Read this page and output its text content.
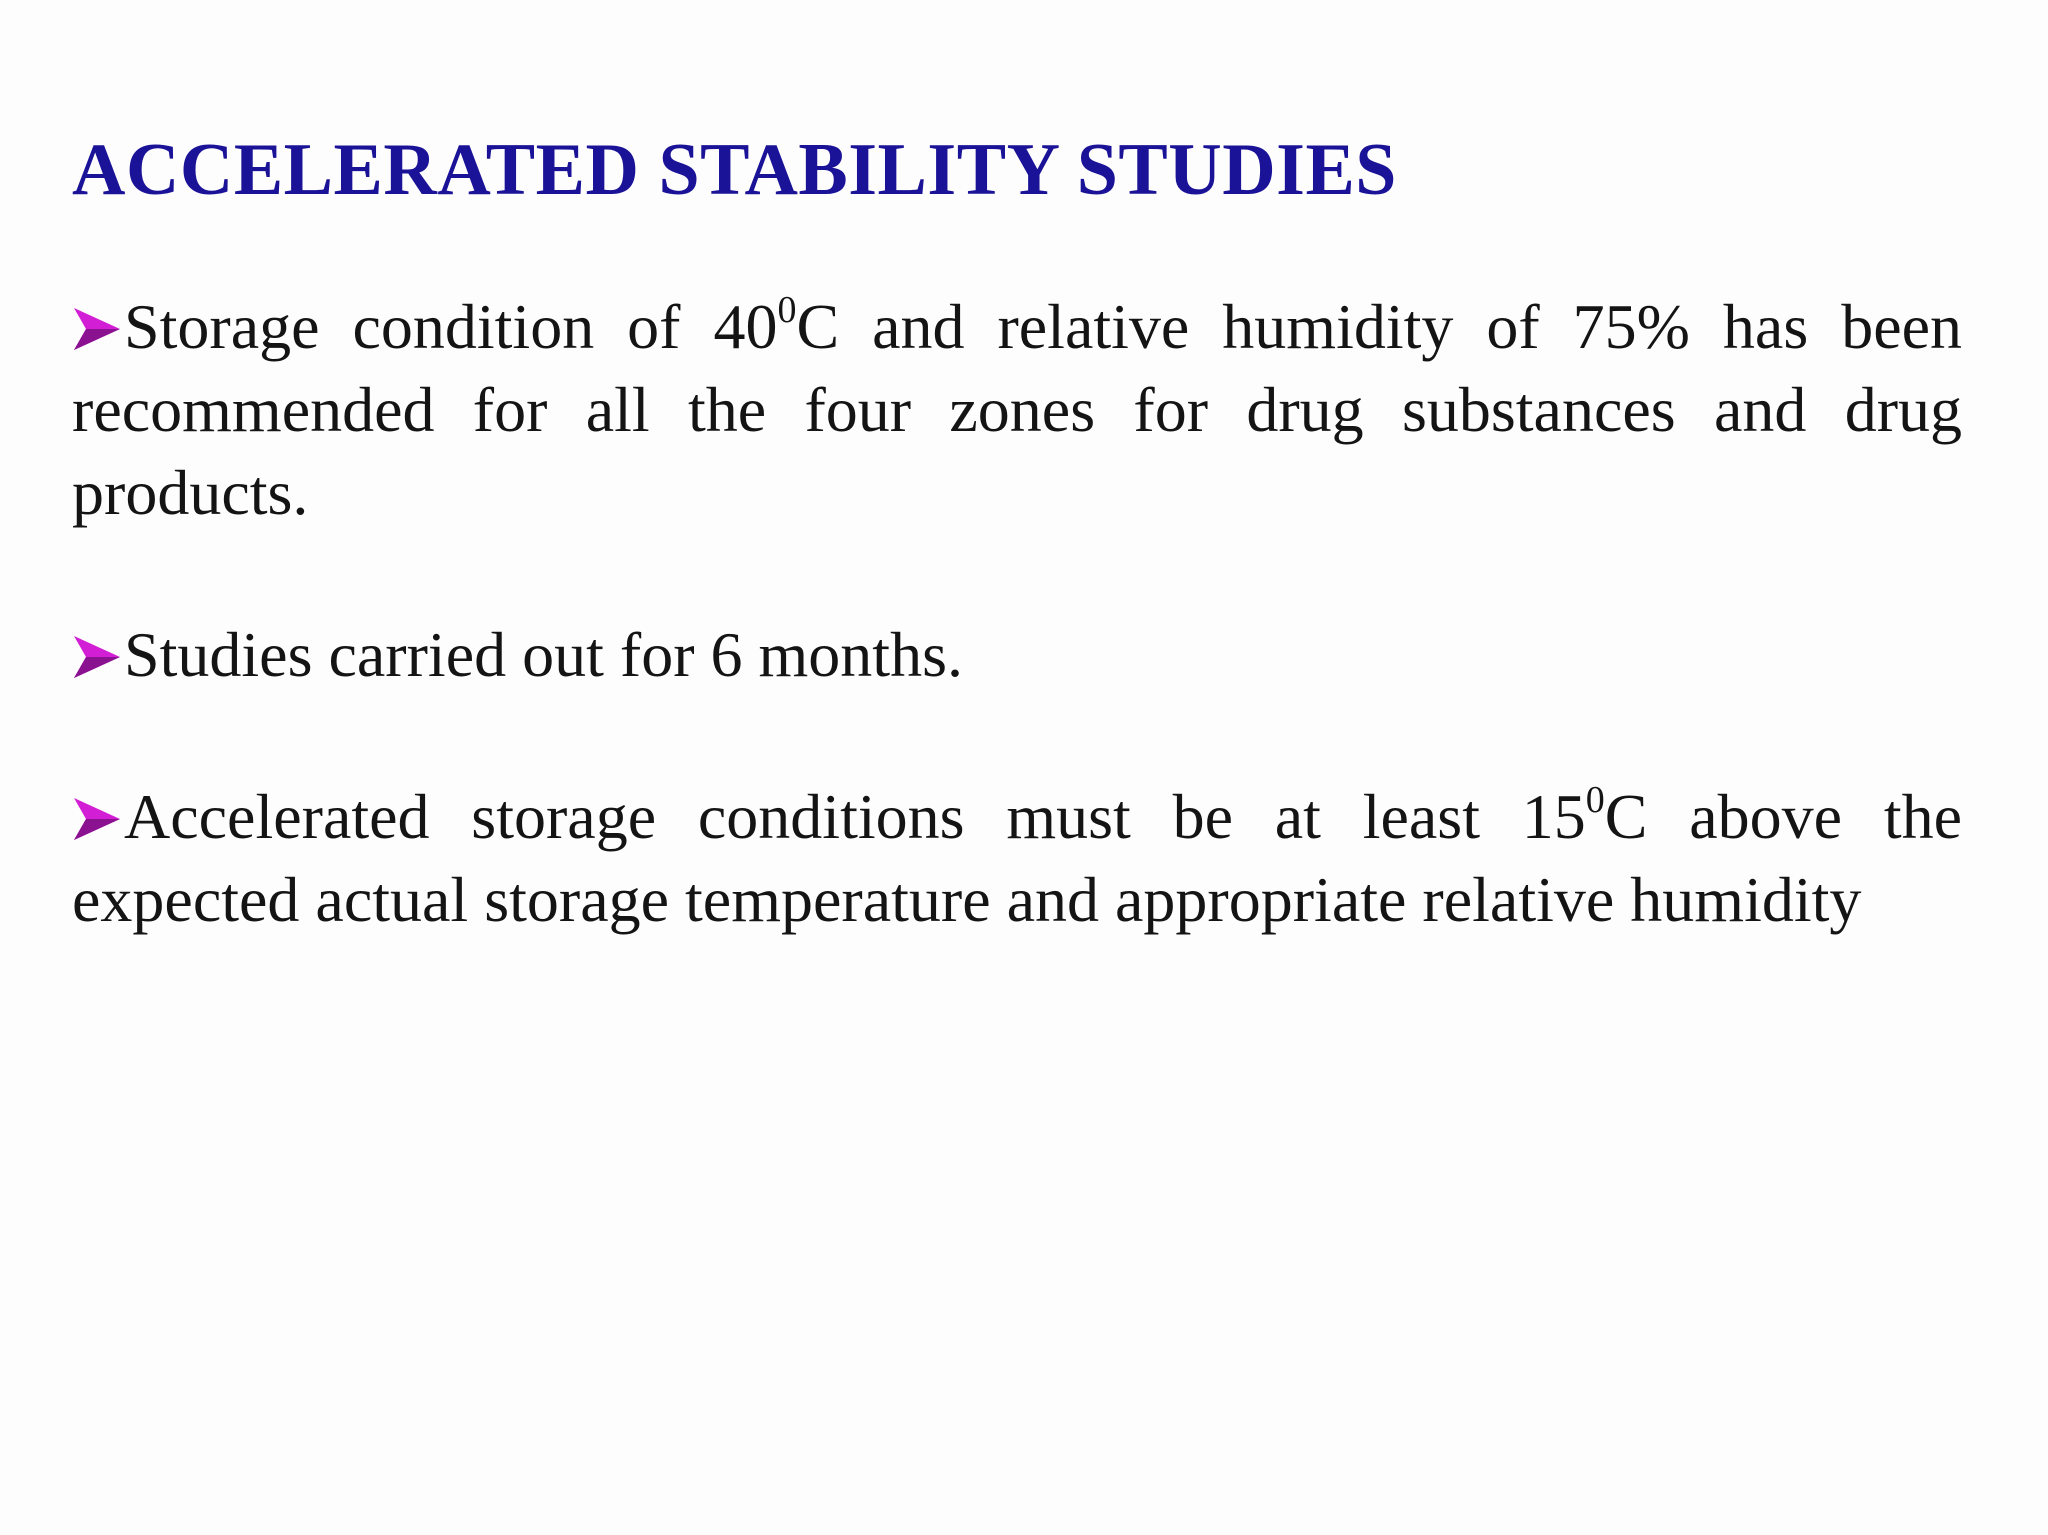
ACCELERATED STABILITY STUDIES
Storage condition of $40^0C$ and relative humidity of 75% has been recommended for all the four zones for drug substances and drug products.
Studies carried out for 6 months.
Accelerated storage conditions must be at least $15^0C$ above the expected actual storage temperature and appropriate relative humidity
